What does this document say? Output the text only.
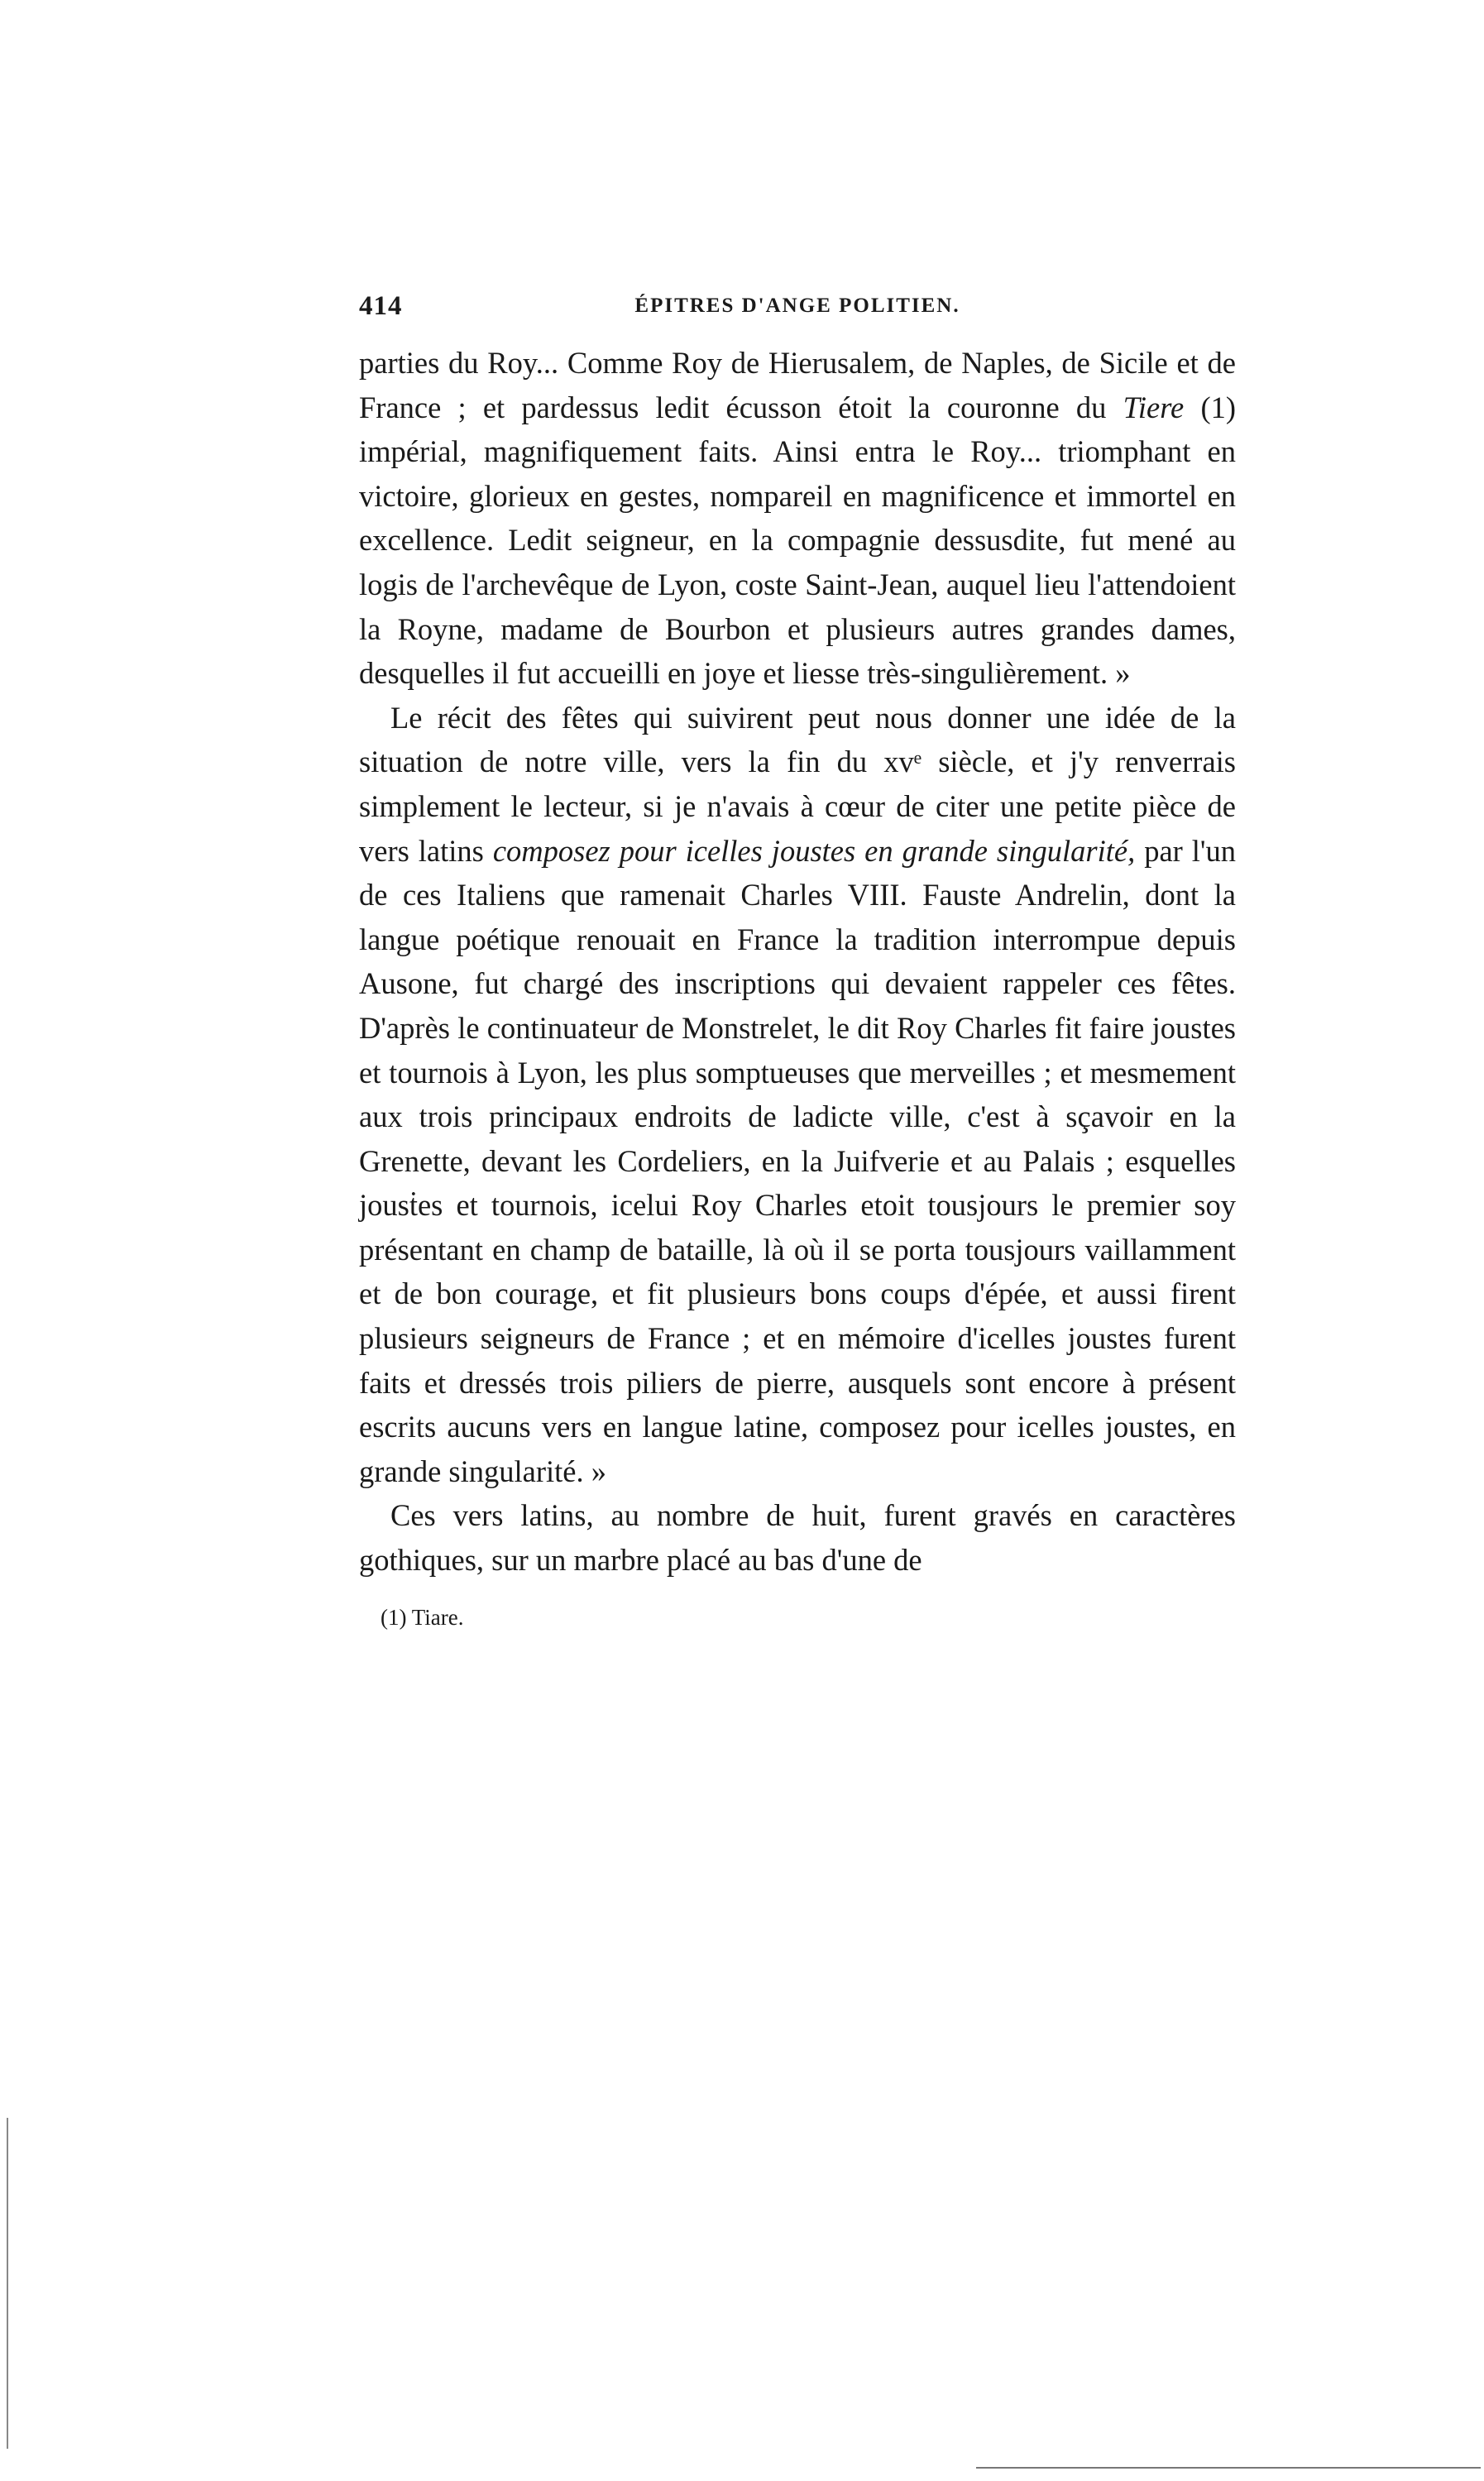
414	ÉPITRES D'ANGE POLITIEN.

parties du Roy... Comme Roy de Hierusalem, de Naples, de Sicile et de France ; et pardessus ledit écusson étoit la couronne du Tiere (1) impérial, magnifiquement faits. Ainsi entra le Roy... triomphant en victoire, glorieux en gestes, nompareil en magnificence et immortel en excellence. Ledit seigneur, en la compagnie dessusdite, fut mené au logis de l'archevêque de Lyon, coste Saint-Jean, auquel lieu l'attendoient la Royne, madame de Bourbon et plusieurs autres grandes dames, desquelles il fut accueilli en joye et liesse très-singulièrement. »

Le récit des fêtes qui suivirent peut nous donner une idée de la situation de notre ville, vers la fin du xvᵉ siècle, et j'y renverrais simplement le lecteur, si je n'avais à cœur de citer une petite pièce de vers latins composez pour icelles joustes en grande singularité, par l'un de ces Italiens que ramenait Charles VIII. Fauste Andrelin, dont la langue poétique renouait en France la tradition interrompue depuis Ausone, fut chargé des inscriptions qui devaient rappeler ces fêtes. D'après le continuateur de Monstrelet, le dit Roy Charles fit faire joustes et tournois à Lyon, les plus somptueuses que merveilles ; et mesmement aux trois principaux endroits de ladicte ville, c'est à sçavoir en la Grenette, devant les Cordeliers, en la Juifverie et au Palais ; esquelles jousṫes et tournois, icelui Roy Charles etoit tousjours le premier soy présentant en champ de bataille, là où il se porta tousjours vaillamment et de bon courage, et fit plusieurs bons coups d'épée, et aussi firent plusieurs seigneurs de France ; et en mémoire d'icelles joustes furent faits et dressés trois piliers de pierre, ausquels sont encore à présent escrits aucuns vers en langue latine, composez pour icelles joustes, en grande singularité. »

Ces vers latins, au nombre de huit, furent gravés en caractères gothiques, sur un marbre placé au bas d'une de

(1) Tiare.
